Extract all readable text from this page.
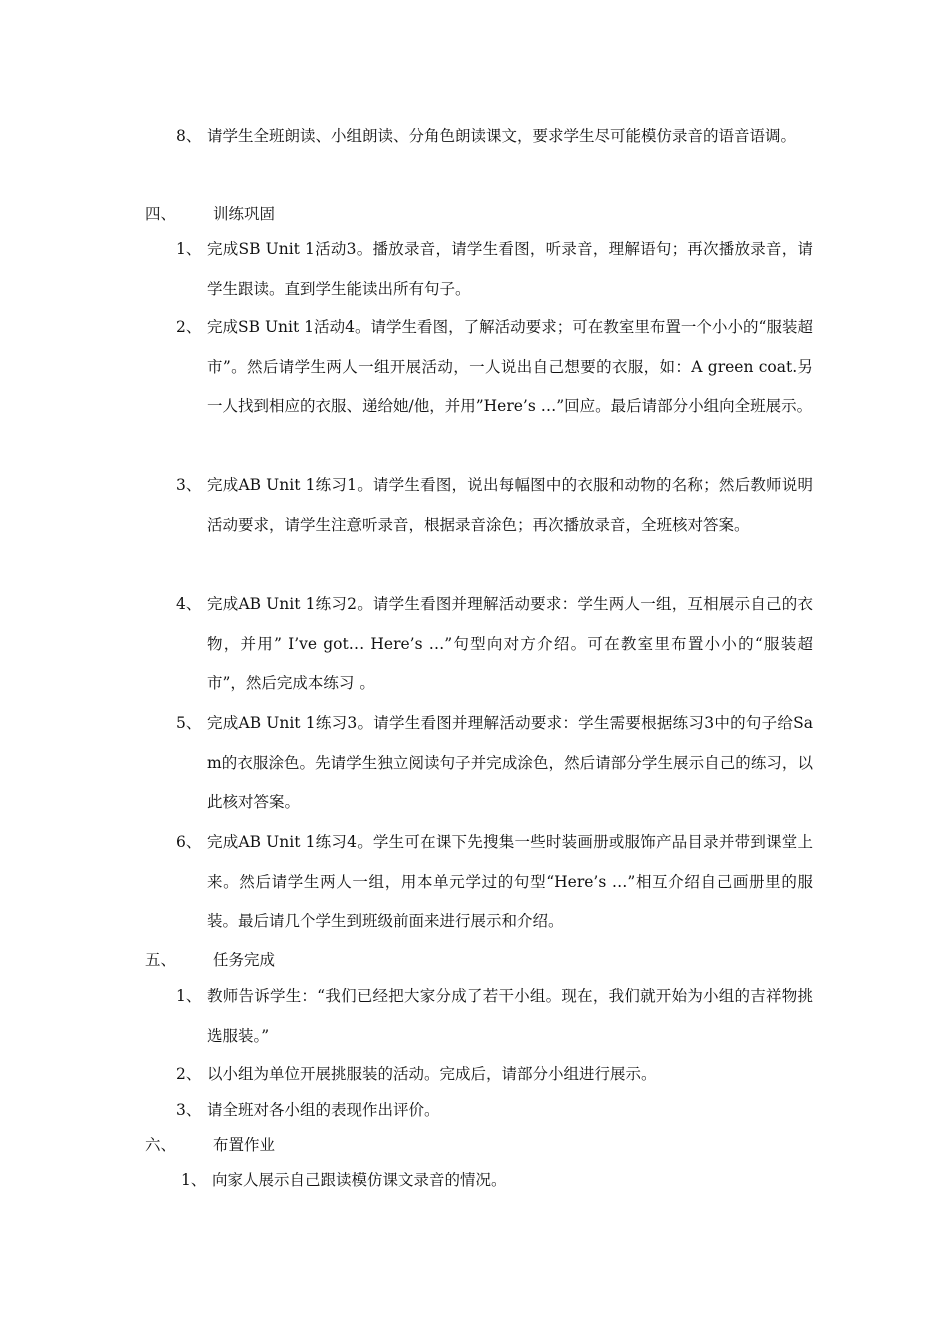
8、 请学生全班朗读、小组朗读、分角色朗读课文，要求学生尽可能模仿录音的语音语调。
四、 训练巩固
1、 完成SB Unit 1活动3。播放录音，请学生看图，听录音，理解语句；再次播放录音，请学生跟读。直到学生能读出所有句子。
2、 完成SB Unit 1活动4。请学生看图，了解活动要求；可在教室里布置一个小小的“服装超市”。然后请学生两人一组开展活动，一人说出自己想要的衣服，如：A green coat.另一人找到相应的衣服、递给她/他，并用”Here’s …”回应。最后请部分小组向全班展示。
3、 完成AB Unit 1练习1。请学生看图，说出每幅图中的衣服和动物的名称；然后教师说明活动要求，请学生注意听录音，根据录音涂色；再次播放录音，全班核对答案。
4、 完成AB Unit 1练习2。请学生看图并理解活动要求：学生两人一组，互相展示自己的衣物，并用” I’ve got… Here’s …”句型向对方介绍。可在教室里布置小小的“服装超市”，然后完成本练习 。
5、 完成AB Unit 1练习3。请学生看图并理解活动要求：学生需要根据练习3中的句子给Sam的衣服涂色。先请学生独立阅读句子并完成涂色，然后请部分学生展示自己的练习，以此核对答案。
6、 完成AB Unit 1练习4。学生可在课下先搜集一些时装画册或服饰产品目录并带到课堂上来。然后请学生两人一组，用本单元学过的句型“Here’s …”相互介绍自己画册里的服装。最后请几个学生到班级前面来进行展示和介绍。
五、 任务完成
1、 教师告诉学生：“我们已经把大家分成了若干小组。现在，我们就开始为小组的吉祥物挑选服装。”
2、 以小组为单位开展挑服装的活动。完成后，请部分小组进行展示。
3、 请全班对各小组的表现作出评价。
六、 布置作业
1、 向家人展示自己跟读模仿课文录音的情况。
